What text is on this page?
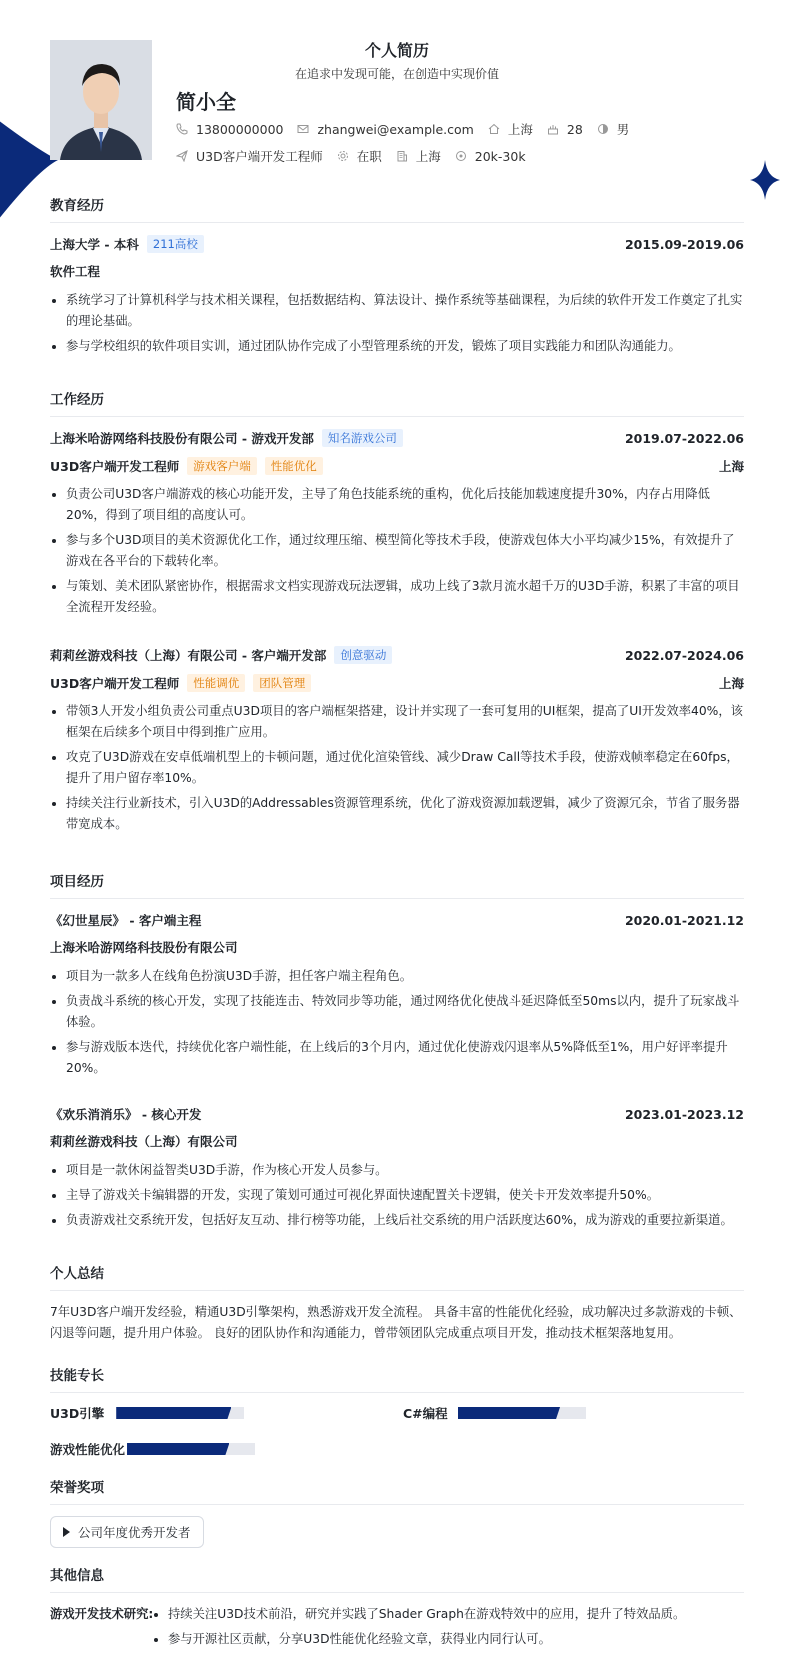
个人简历
在追求中发现可能，在创造中实现价值
简小全
13800000000	zhangwei@example.com	上海	28	男
U3D客户端开发工程师	在职	上海	20k-30k
教育经历
上海大学 - 本科	211高校	2015.09-2019.06
软件工程
系统学习了计算机科学与技术相关课程，包括数据结构、算法设计、操作系统等基础课程，为后续的软件开发工作奠定了扎实的理论基础。
参与学校组织的软件项目实训，通过团队协作完成了小型管理系统的开发，锻炼了项目实践能力和团队沟通能力。
工作经历
上海米哈游网络科技股份有限公司 - 游戏开发部	知名游戏公司	2019.07-2022.06
U3D客户端开发工程师	游戏客户端	性能优化	上海
负责公司U3D客户端游戏的核心功能开发，主导了角色技能系统的重构，优化后技能加载速度提升30%，内存占用降低20%，得到了项目组的高度认可。
参与多个U3D项目的美术资源优化工作，通过纹理压缩、模型简化等技术手段，使游戏包体大小平均减少15%，有效提升了游戏在各平台的下载转化率。
与策划、美术团队紧密协作，根据需求文档实现游戏玩法逻辑，成功上线了3款月流水超千万的U3D手游，积累了丰富的项目全流程开发经验。
莉莉丝游戏科技（上海）有限公司 - 客户端开发部	创意驱动	2022.07-2024.06
U3D客户端开发工程师	性能调优	团队管理	上海
带领3人开发小组负责公司重点U3D项目的客户端框架搭建，设计并实现了一套可复用的UI框架，提高了UI开发效率40%，该框架在后续多个项目中得到推广应用。
攻克了U3D游戏在安卓低端机型上的卡顿问题，通过优化渲染管线、减少Draw Call等技术手段，使游戏帧率稳定在60fps，提升了用户留存率10%。
持续关注行业新技术，引入U3D的Addressables资源管理系统，优化了游戏资源加载逻辑，减少了资源冗余，节省了服务器带宽成本。
项目经历
《幻世星辰》 - 客户端主程	2020.01-2021.12
上海米哈游网络科技股份有限公司
项目为一款多人在线角色扮演U3D手游，担任客户端主程角色。
负责战斗系统的核心开发，实现了技能连击、特效同步等功能，通过网络优化使战斗延迟降低至50ms以内，提升了玩家战斗体验。
参与游戏版本迭代，持续优化客户端性能，在上线后的3个月内，通过优化使游戏闪退率从5%降低至1%，用户好评率提升20%。
《欢乐消消乐》 - 核心开发	2023.01-2023.12
莉莉丝游戏科技（上海）有限公司
项目是一款休闲益智类U3D手游，作为核心开发人员参与。
主导了游戏关卡编辑器的开发，实现了策划可通过可视化界面快速配置关卡逻辑，使关卡开发效率提升50%。
负责游戏社交系统开发，包括好友互动、排行榜等功能，上线后社交系统的用户活跃度达60%，成为游戏的重要拉新渠道。
个人总结
7年U3D客户端开发经验，精通U3D引擎架构，熟悉游戏开发全流程。 具备丰富的性能优化经验，成功解决过多款游戏的卡顿、闪退等问题，提升用户体验。 良好的团队协作和沟通能力，曾带领团队完成重点项目开发，推动技术框架落地复用。
技能专长
U3D引擎	C#编程
游戏性能优化
荣誉奖项
公司年度优秀开发者
其他信息
游戏开发技术研究:	持续关注U3D技术前沿，研究并实践了Shader Graph在游戏特效中的应用，提升了特效品质。
参与开源社区贡献，分享U3D性能优化经验文章，获得业内同行认可。
